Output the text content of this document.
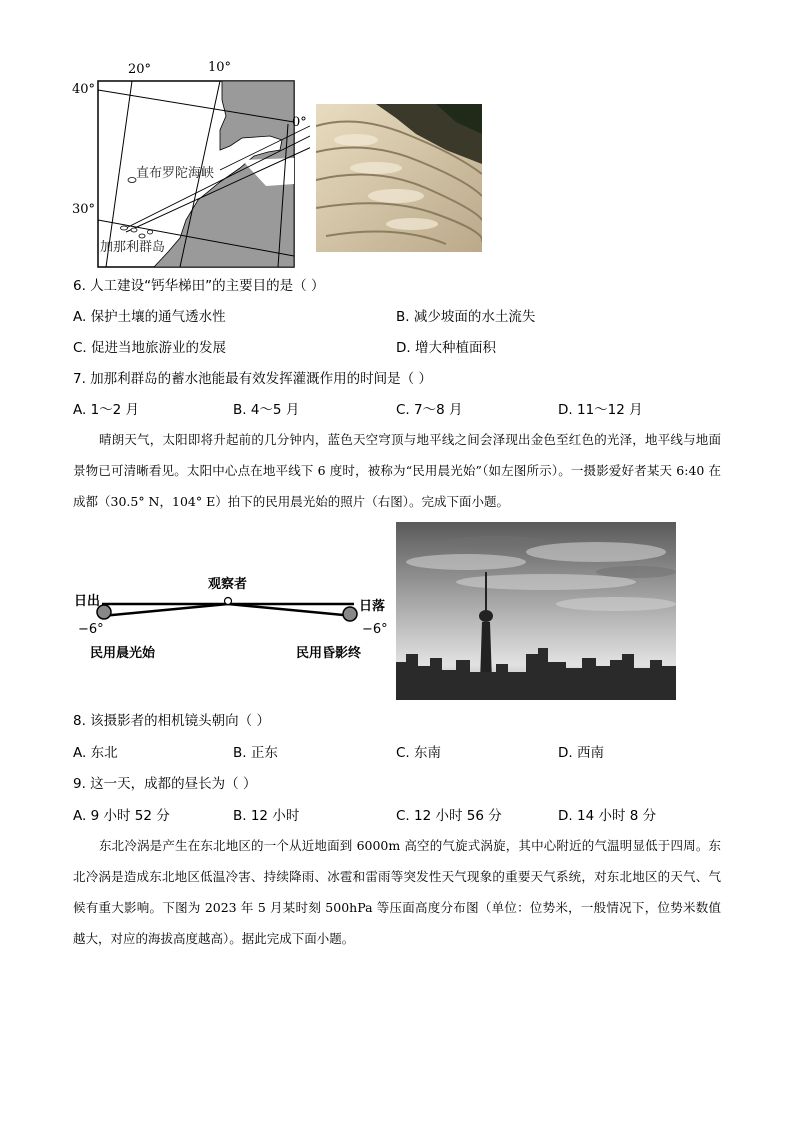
20°	10°
0°
40°
30°
直布罗陀海峡
加那利群岛
6. 人工建设“钙华梯田”的主要目的是（ ）
A. 保护土壤的通气透水性	B. 减少坡面的水土流失
C. 促进当地旅游业的发展	D. 增大种植面积
7. 加那利群岛的蓄水池能最有效发挥灌溉作用的时间是（ ）
A. 1～2 月	B. 4～5 月	C. 7～8 月	D. 11～12 月
晴朗天气，太阳即将升起前的几分钟内，蓝色天空穹顶与地平线之间会泽现出金色至红色的光泽，地平线与地面景物已可清晰看见。太阳中心点在地平线下 6 度时，被称为“民用晨光始”（如左图所示）。一摄影爱好者某天 6:40 在成都（30.5° N，104° E）拍下的民用晨光始的照片（右图）。完成下面小题。
观察者
日出	日落
−6°	−6°
民用晨光始	民用昏影终
8. 该摄影者的相机镜头朝向（ ）
A. 东北	B. 正东	C. 东南	D. 西南
9. 这一天，成都的昼长为（ ）
A. 9 小时 52 分	B. 12 小时	C. 12 小时 56 分	D. 14 小时 8 分
东北冷涡是产生在东北地区的一个从近地面到 6000m 高空的气旋式涡旋，其中心附近的气温明显低于四周。东北冷涡是造成东北地区低温冷害、持续降雨、冰雹和雷雨等突发性天气现象的重要天气系统，对东北地区的天气、气候有重大影响。下图为 2023 年 5 月某时刻 500hPa 等压面高度分布图（单位：位势米，一般情况下，位势米数值越大，对应的海拔高度越高）。据此完成下面小题。
